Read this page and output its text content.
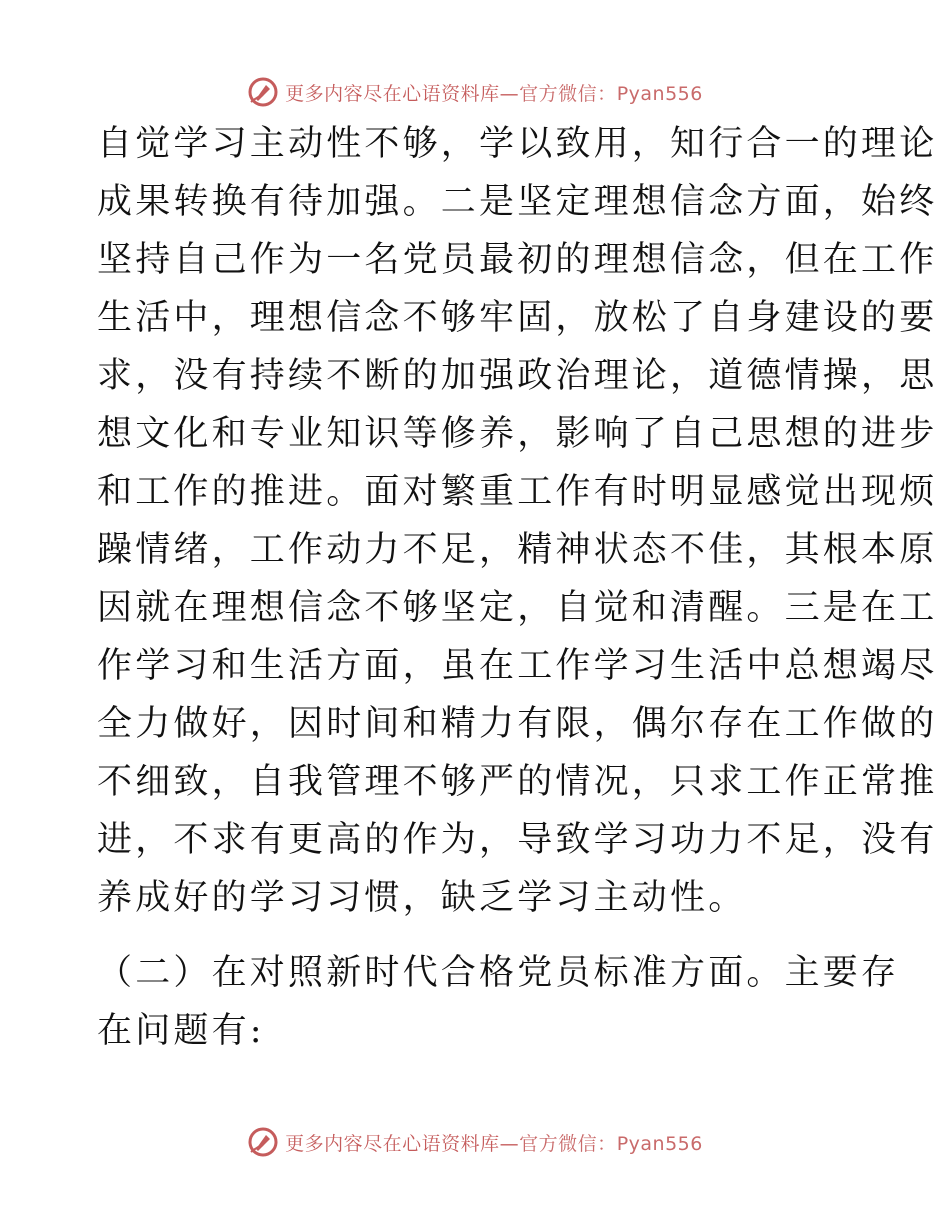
更多内容尽在心语资料库—官方微信：Pyan556
自觉学习主动性不够，学以致用，知行合一的理论
成果转换有待加强。二是坚定理想信念方面，始终
坚持自己作为一名党员最初的理想信念，但在工作
生活中，理想信念不够牢固，放松了自身建设的要
求，没有持续不断的加强政治理论，道德情操，思
想文化和专业知识等修养，影响了自己思想的进步
和工作的推进。面对繁重工作有时明显感觉出现烦
躁情绪，工作动力不足，精神状态不佳，其根本原
因就在理想信念不够坚定，自觉和清醒。三是在工
作学习和生活方面，虽在工作学习生活中总想竭尽
全力做好，因时间和精力有限，偶尔存在工作做的
不细致，自我管理不够严的情况，只求工作正常推
进，不求有更高的作为，导致学习功力不足，没有
养成好的学习习惯，缺乏学习主动性。
（二）在对照新时代合格党员标准方面。主要存
在问题有:
更多内容尽在心语资料库—官方微信：Pyan556
